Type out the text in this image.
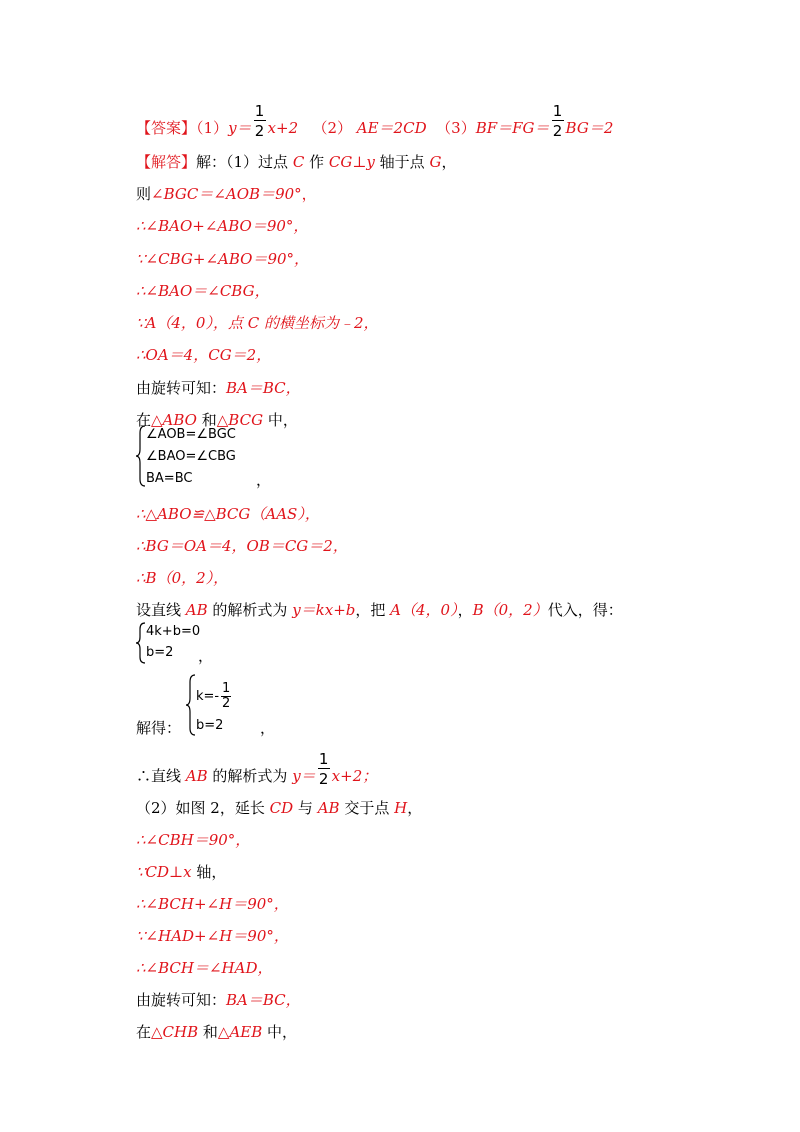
【答案】$(1)y= \frac{1}{2} x+2$ （2） AE＝2CD $(3)BF=FG= \frac{1}{2} BG=2$
【解答】解：（1）过点 C 作 CG⊥y 轴于点 G，
则∠BGC＝∠AOB＝90°，
∴∠BAO+∠ABO＝90°，
∵∠CBG+∠ABO＝90°，
∴∠BAO＝∠CBG，
∵A（4，0），点 C 的横坐标为﹣2，
∴OA＝4，CG＝2，
由旋转可知：BA＝BC，
在△ABO 和△BCG 中，
∠AOB=∠BGC
∠BAO=∠CBG
BA=BC	，
∴△ABO≌△BCG（AAS），
∴BG＝OA＝4，OB＝CG＝2，
∴B（0，2），
设直线 AB 的解析式为 y＝kx+b，把 A（4，0），B（0，2）代入，得：
4k+b=0
b=2 ，
解得：
$k=- \frac{1}{2}$
b=2 ，
∴直线 AB 的解析式为 $y= \frac{1}{2} x+2$；
（2）如图 2，延长 CD 与 AB 交于点 H，
∴∠CBH＝90°，
∵CD⊥x 轴，
∴∠BCH+∠H＝90°，
∵∠HAD+∠H＝90°，
∴∠BCH＝∠HAD，
由旋转可知：BA＝BC，
在△CHB 和△AEB 中，
